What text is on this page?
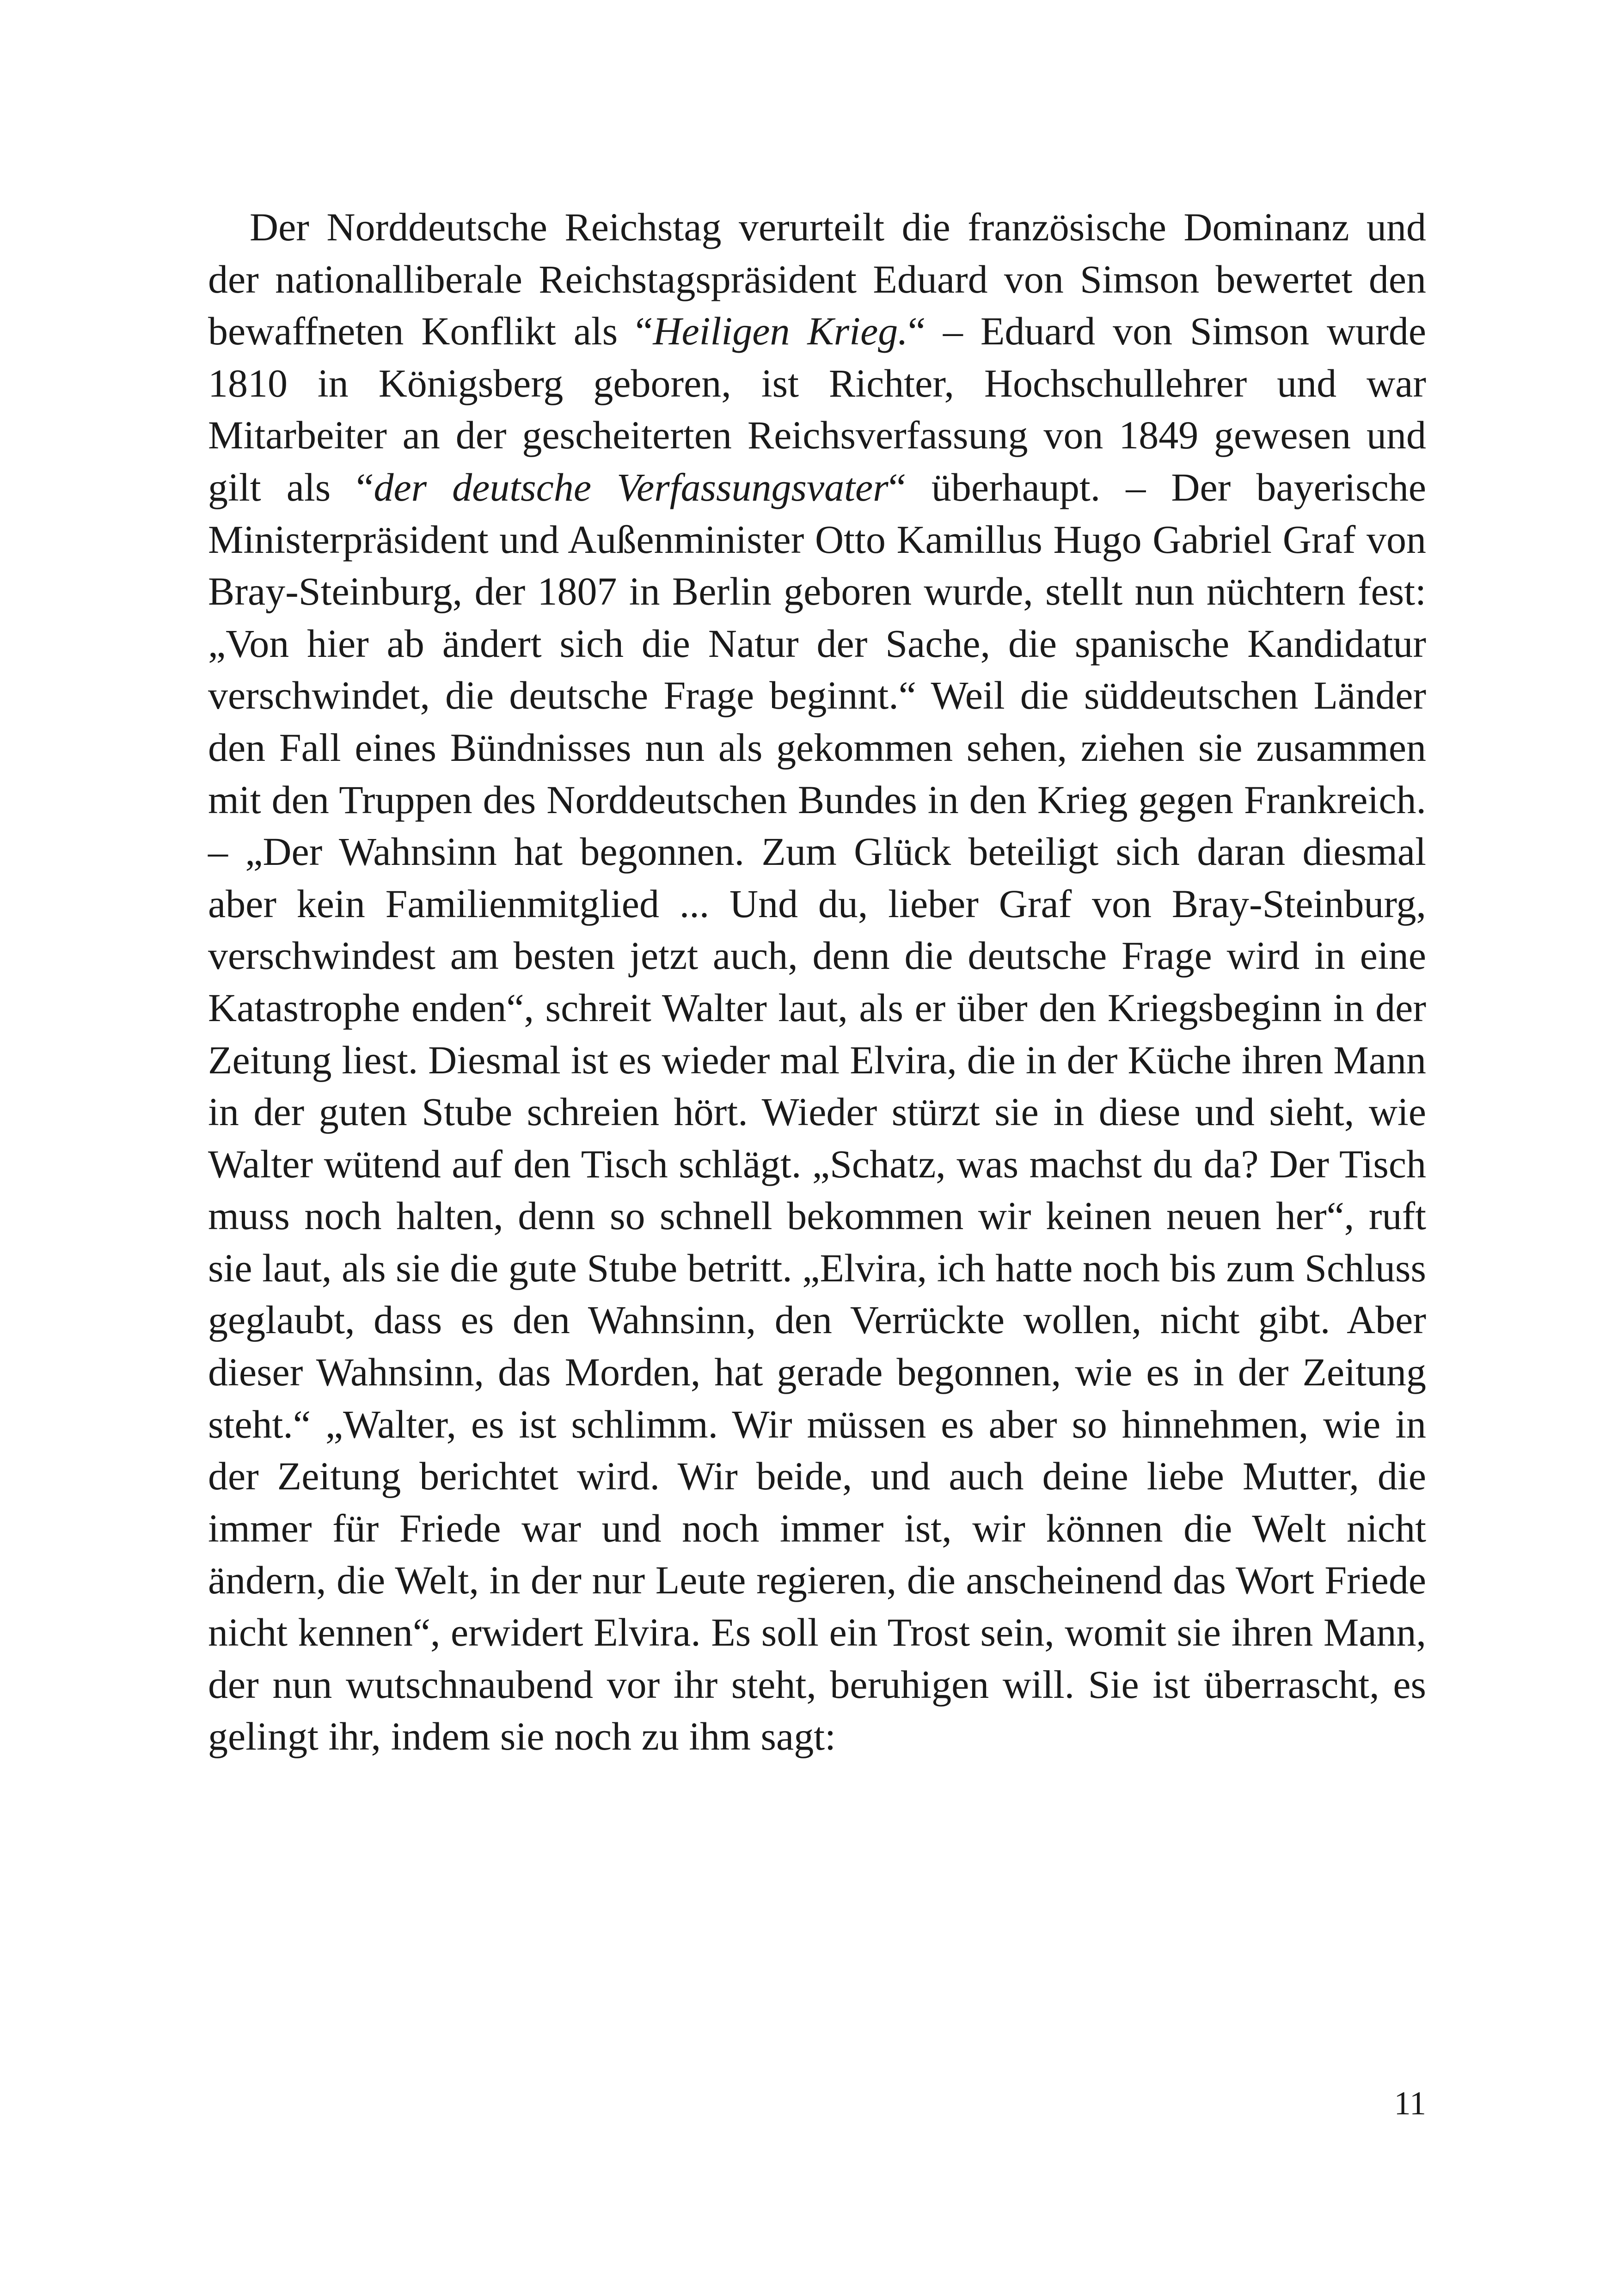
Der Norddeutsche Reichstag verurteilt die französische Dominanz und der nationalliberale Reichstagspräsident Eduard von Simson bewertet den bewaffneten Konflikt als “Heiligen Krieg.“ – Eduard von Simson wurde 1810 in Königsberg geboren, ist Richter, Hochschullehrer und war Mitarbeiter an der gescheiterten Reichsverfassung von 1849 gewesen und gilt als “der deutsche Verfassungsvater“ überhaupt. – Der bayerische Ministerpräsident und Außenminister Otto Kamillus Hugo Gabriel Graf von Bray-Steinburg, der 1807 in Berlin geboren wurde, stellt nun nüchtern fest: „Von hier ab ändert sich die Natur der Sache, die spanische Kandidatur verschwindet, die deutsche Frage beginnt.“ Weil die süddeutschen Länder den Fall eines Bündnisses nun als gekommen sehen, ziehen sie zusammen mit den Truppen des Norddeutschen Bundes in den Krieg gegen Frankreich. – „Der Wahnsinn hat begonnen. Zum Glück beteiligt sich daran diesmal aber kein Familienmitglied ... Und du, lieber Graf von Bray-Steinburg, verschwindest am besten jetzt auch, denn die deutsche Frage wird in eine Katastrophe enden“, schreit Walter laut, als er über den Kriegsbeginn in der Zeitung liest. Diesmal ist es wieder mal Elvira, die in der Küche ihren Mann in der guten Stube schreien hört. Wieder stürzt sie in diese und sieht, wie Walter wütend auf den Tisch schlägt. „Schatz, was machst du da? Der Tisch muss noch halten, denn so schnell bekommen wir keinen neuen her“, ruft sie laut, als sie die gute Stube betritt. „Elvira, ich hatte noch bis zum Schluss geglaubt, dass es den Wahnsinn, den Verrückte wollen, nicht gibt. Aber dieser Wahnsinn, das Morden, hat gerade begonnen, wie es in der Zeitung steht.“ „Walter, es ist schlimm. Wir müssen es aber so hinnehmen, wie in der Zeitung berichtet wird. Wir beide, und auch deine liebe Mutter, die immer für Friede war und noch immer ist, wir können die Welt nicht ändern, die Welt, in der nur Leute regieren, die anscheinend das Wort Friede nicht kennen“, erwidert Elvira. Es soll ein Trost sein, womit sie ihren Mann, der nun wutschnaubend vor ihr steht, beruhigen will. Sie ist überrascht, es gelingt ihr, indem sie noch zu ihm sagt:

11
